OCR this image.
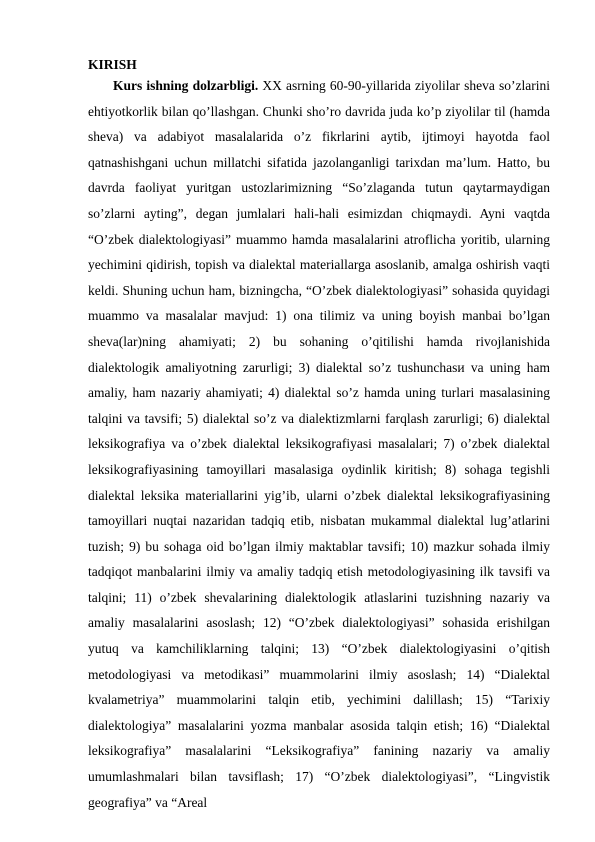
KIRISH

Kurs ishning dolzarbligi. XX asrning 60-90-yillarida ziyolilar sheva so’zlarini ehtiyotkorlik bilan qo’llashgan. Chunki sho’ro davrida juda ko’p ziyolilar til (hamda sheva) va adabiyot masalalarida o’z fikrlarini aytib, ijtimoyi hayotda faol qatnashishgani uchun millatchi sifatida jazolanganligi tarixdan ma’lum. Hatto, bu davrda faoliyat yuritgan ustozlarimizning “So’zlaganda tutun qaytarmaydigan so’zlarni ayting”, degan jumlalari hali-hali esimizdan chiqmaydi. Ayni vaqtda “O’zbek dialektologiyasi” muammo hamda masalalarini atroflicha yoritib, ularning yechimini qidirish, topish va dialektal materiallarga asoslanib, amalga oshirish vaqti keldi. Shuning uchun ham, bizningcha, “O’zbek dialektologiyasi” sohasida quyidagi muammo va masalalar mavjud: 1) ona tilimiz va uning boyish manbai bo’lgan sheva(lar)ning ahamiyati; 2) bu sohaning o’qitilishi hamda rivojlanishida dialektologik amaliyotning zarurligi; 3) dialektal so’z tushunchasи va uning ham amaliy, ham nazariy ahamiyati; 4) dialektal so’z hamda uning turlari masalasining talqini va tavsifi; 5) dialektal so’z va dialektizmlarni farqlash zarurligi; 6) dialektal leksikografiya va o’zbek dialektal leksikografiyasi masalalari; 7) o’zbek dialektal leksikografiyasining tamoyillari masalasiga oydinlik kiritish; 8) sohaga tegishli dialektal leksika materiallarini yig’ib, ularni o’zbek dialektal leksikografiyasining tamoyillari nuqtai nazaridan tadqiq etib, nisbatan mukammal dialektal lug’atlarini tuzish; 9) bu sohaga oid bo’lgan ilmiy maktablar tavsifi; 10) mazkur sohada ilmiy tadqiqot manbalarini ilmiy va amaliy tadqiq etish metodologiyasining ilk tavsifi va talqini; 11) o’zbek shevalarining dialektologik atlaslarini tuzishning nazariy va amaliy masalalarini asoslash; 12) “O’zbek dialektologiyasi” sohasida erishilgan yutuq va kamchiliklarning talqini; 13) “O’zbek dialektologiyasini o’qitish metodologiyasi va metodikasi” muammolarini ilmiy asoslash; 14) “Dialektal kvalametriya” muammolarini talqin etib, yechimini dalillash; 15) “Tarixiy dialektologiya” masalalarini yozma manbalar asosida talqin etish; 16) “Dialektal leksikografiya” masalalarini “Leksikografiya” fanining nazariy va amaliy umumlashmalari bilan tavsiflash; 17) “O’zbek dialektologiyasi”, “Lingvistik geografiya” va “Areal
